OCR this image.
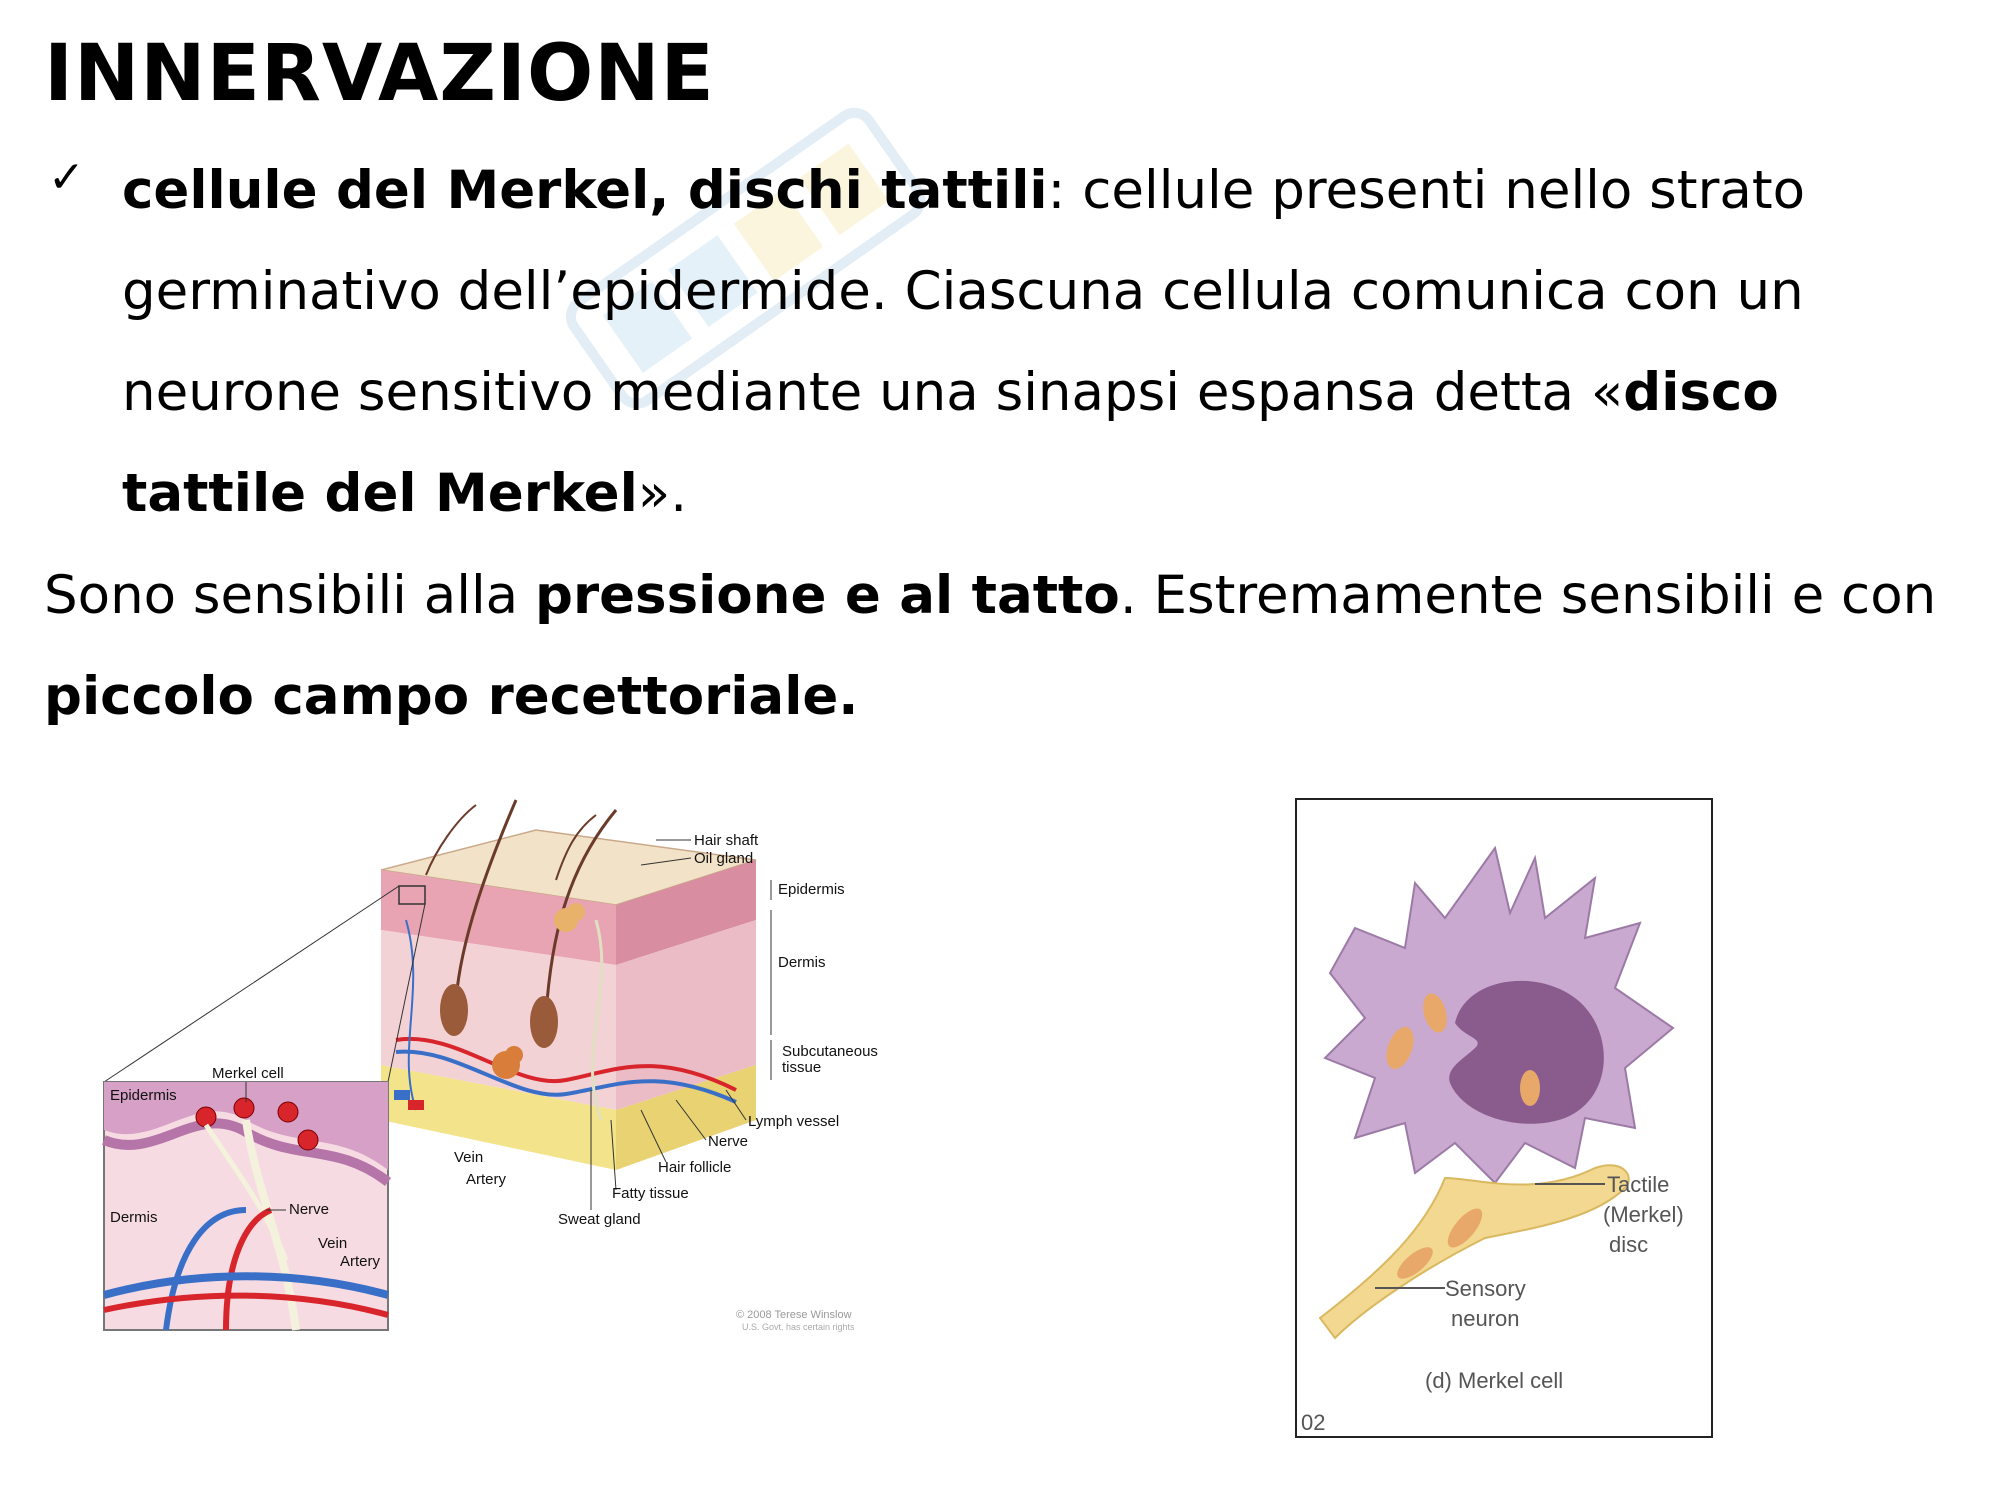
INNERVAZIONE
✓ cellule del Merkel, dischi tattili: cellule presenti nello strato germinativo dell’epidermide. Ciascuna cellula comunica con un neurone sensitivo mediante una sinapsi espansa detta «disco tattile del Merkel».

Sono sensibili alla pressione e al tatto. Estremamente sensibili e con piccolo campo recettoriale.

Hair shaft
Oil gland
Epidermis
Dermis
Subcutaneous
tissue
Lymph vessel
Nerve
Hair follicle
Fatty tissue
Sweat gland
Vein
Artery
Merkel cell
Epidermis
Dermis	Nerve
Vein
Artery
© 2008 Terese Winslow
U.S. Govt. has certain rights
Tactile
(Merkel)
disc
Sensory
neuron
(d) Merkel cell
02
